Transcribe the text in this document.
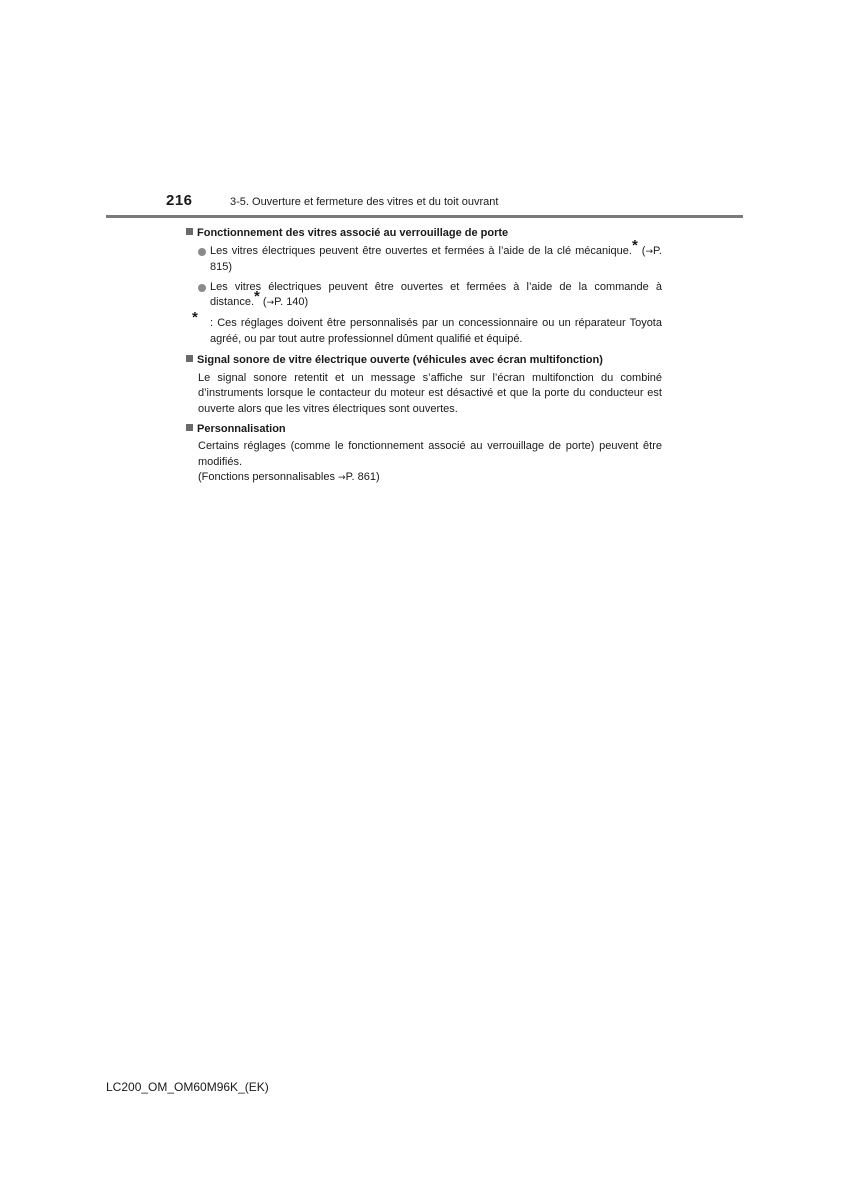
216	3-5. Ouverture et fermeture des vitres et du toit ouvrant
Fonctionnement des vitres associé au verrouillage de porte
Les vitres électriques peuvent être ouvertes et fermées à l’aide de la clé mécanique.* (→P. 815)
Les vitres électriques peuvent être ouvertes et fermées à l’aide de la commande à distance.* (→P. 140)
* : Ces réglages doivent être personnalisés par un concessionnaire ou un réparateur Toyota agréé, ou par tout autre professionnel dûment qualifié et équipé.
Signal sonore de vitre électrique ouverte (véhicules avec écran multifonction)
Le signal sonore retentit et un message s’affiche sur l’écran multifonction du combiné d’instruments lorsque le contacteur du moteur est désactivé et que la porte du conducteur est ouverte alors que les vitres électriques sont ouvertes.
Personnalisation
Certains réglages (comme le fonctionnement associé au verrouillage de porte) peuvent être modifiés.
(Fonctions personnalisables →P. 861)
LC200_OM_OM60M96K_(EK)
